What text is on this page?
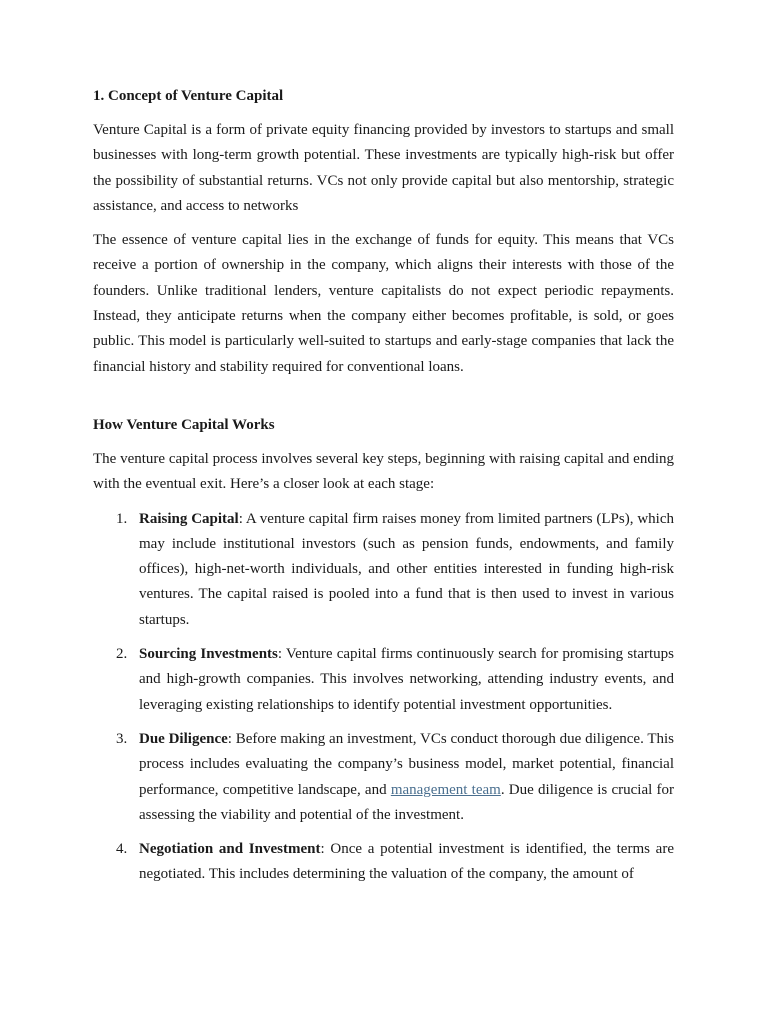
1. Concept of Venture Capital

Venture Capital is a form of private equity financing provided by investors to startups and small businesses with long-term growth potential. These investments are typically high-risk but offer the possibility of substantial returns. VCs not only provide capital but also mentorship, strategic assistance, and access to networks

The essence of venture capital lies in the exchange of funds for equity. This means that VCs receive a portion of ownership in the company, which aligns their interests with those of the founders. Unlike traditional lenders, venture capitalists do not expect periodic repayments. Instead, they anticipate returns when the company either becomes profitable, is sold, or goes public. This model is particularly well-suited to startups and early-stage companies that lack the financial history and stability required for conventional loans.

How Venture Capital Works

The venture capital process involves several key steps, beginning with raising capital and ending with the eventual exit. Here’s a closer look at each stage:

1. Raising Capital: A venture capital firm raises money from limited partners (LPs), which may include institutional investors (such as pension funds, endowments, and family offices), high-net-worth individuals, and other entities interested in funding high-risk ventures. The capital raised is pooled into a fund that is then used to invest in various startups.
2. Sourcing Investments: Venture capital firms continuously search for promising startups and high-growth companies. This involves networking, attending industry events, and leveraging existing relationships to identify potential investment opportunities.
3. Due Diligence: Before making an investment, VCs conduct thorough due diligence. This process includes evaluating the company’s business model, market potential, financial performance, competitive landscape, and management team. Due diligence is crucial for assessing the viability and potential of the investment.
4. Negotiation and Investment: Once a potential investment is identified, the terms are negotiated. This includes determining the valuation of the company, the amount of
